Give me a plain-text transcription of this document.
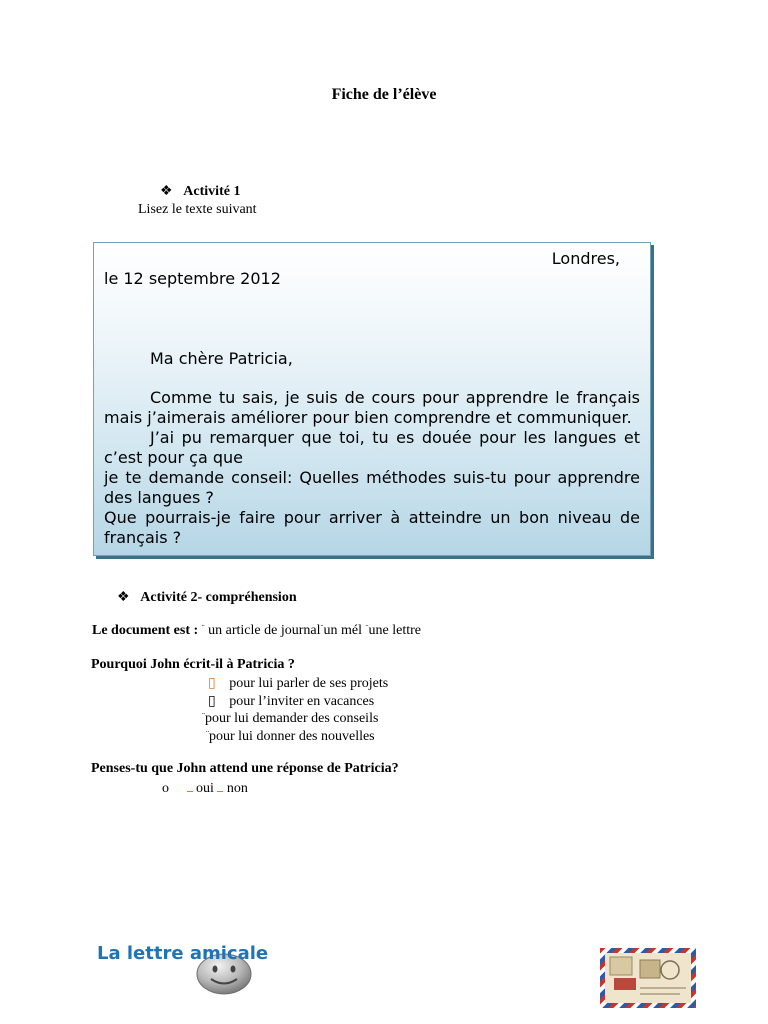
Fiche de l’élève
❖ Activité 1
Lisez le texte suivant
Londres,
le 12 septembre 2012
Ma chère Patricia,
Comme tu sais, je suis de cours pour apprendre le français mais j’aimerais améliorer pour bien comprendre et communiquer.
J’ai pu remarquer que toi, tu es douée pour les langues et c’est pour ça que
je te demande conseil: Quelles méthodes suis-tu pour apprendre des langues ?
Que pourrais-je faire pour arriver à atteindre un bon niveau de français ?
❖ Activité 2- compréhension
Le document est : ¨ un article de journal¨un mél ¨une lettre
Pourquoi John écrit-il à Patricia ?
▯ pour lui parler de ses projets
▯ pour l’inviter en vacances
¨pour lui demander des conseils
¨pour lui donner des nouvelles
Penses-tu que John attend une réponse de Patricia?
o oui non
La lettre amicale
